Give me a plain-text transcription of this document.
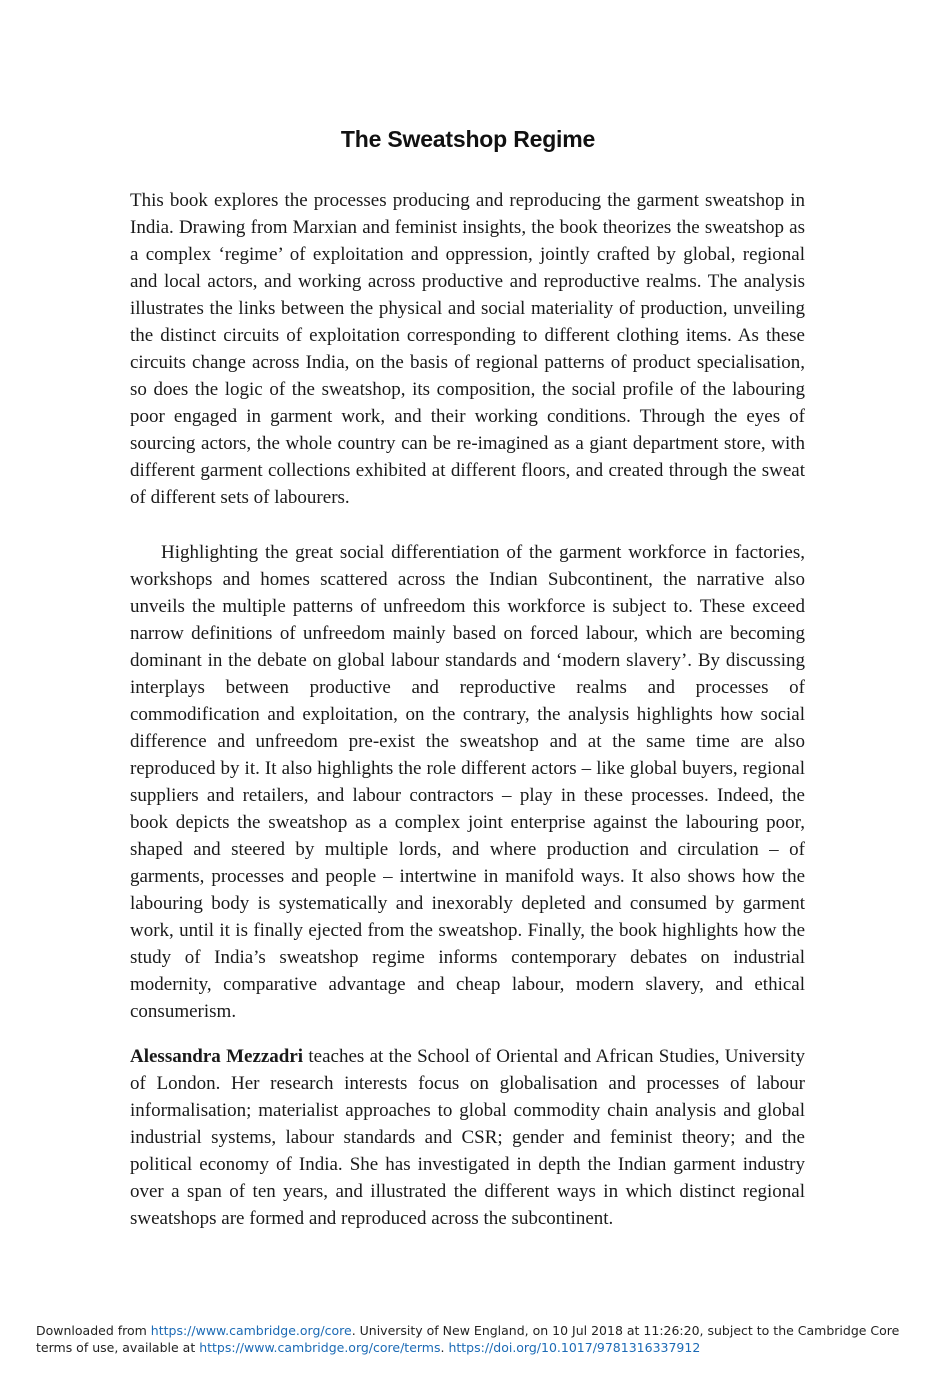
The Sweatshop Regime

This book explores the processes producing and reproducing the garment sweatshop in India. Drawing from Marxian and feminist insights, the book theorizes the sweatshop as a complex ‘regime’ of exploitation and oppression, jointly crafted by global, regional and local actors, and working across productive and reproductive realms. The analysis illustrates the links between the physical and social materiality of production, unveiling the distinct circuits of exploitation corresponding to different clothing items. As these circuits change across India, on the basis of regional patterns of product specialisation, so does the logic of the sweatshop, its composition, the social profile of the labouring poor engaged in garment work, and their working conditions. Through the eyes of sourcing actors, the whole country can be re-imagined as a giant department store, with different garment collections exhibited at different floors, and created through the sweat of different sets of labourers.

Highlighting the great social differentiation of the garment workforce in factories, workshops and homes scattered across the Indian Subcontinent, the narrative also unveils the multiple patterns of unfreedom this workforce is subject to. These exceed narrow definitions of unfreedom mainly based on forced labour, which are becoming dominant in the debate on global labour standards and ‘modern slavery’. By discussing interplays between productive and reproductive realms and processes of commodification and exploitation, on the contrary, the analysis highlights how social difference and unfreedom pre-exist the sweatshop and at the same time are also reproduced by it. It also highlights the role different actors – like global buyers, regional suppliers and retailers, and labour contractors – play in these processes. Indeed, the book depicts the sweatshop as a complex joint enterprise against the labouring poor, shaped and steered by multiple lords, and where production and circulation – of garments, processes and people – intertwine in manifold ways. It also shows how the labouring body is systematically and inexorably depleted and consumed by garment work, until it is finally ejected from the sweatshop. Finally, the book highlights how the study of India’s sweatshop regime informs contemporary debates on industrial modernity, comparative advantage and cheap labour, modern slavery, and ethical consumerism.

Alessandra Mezzadri teaches at the School of Oriental and African Studies, University of London. Her research interests focus on globalisation and processes of labour informalisation; materialist approaches to global commodity chain analysis and global industrial systems, labour standards and CSR; gender and feminist theory; and the political economy of India. She has investigated in depth the Indian garment industry over a span of ten years, and illustrated the different ways in which distinct regional sweatshops are formed and reproduced across the subcontinent.

Downloaded from https://www.cambridge.org/core. University of New England, on 10 Jul 2018 at 11:26:20, subject to the Cambridge Core terms of use, available at https://www.cambridge.org/core/terms. https://doi.org/10.1017/9781316337912
